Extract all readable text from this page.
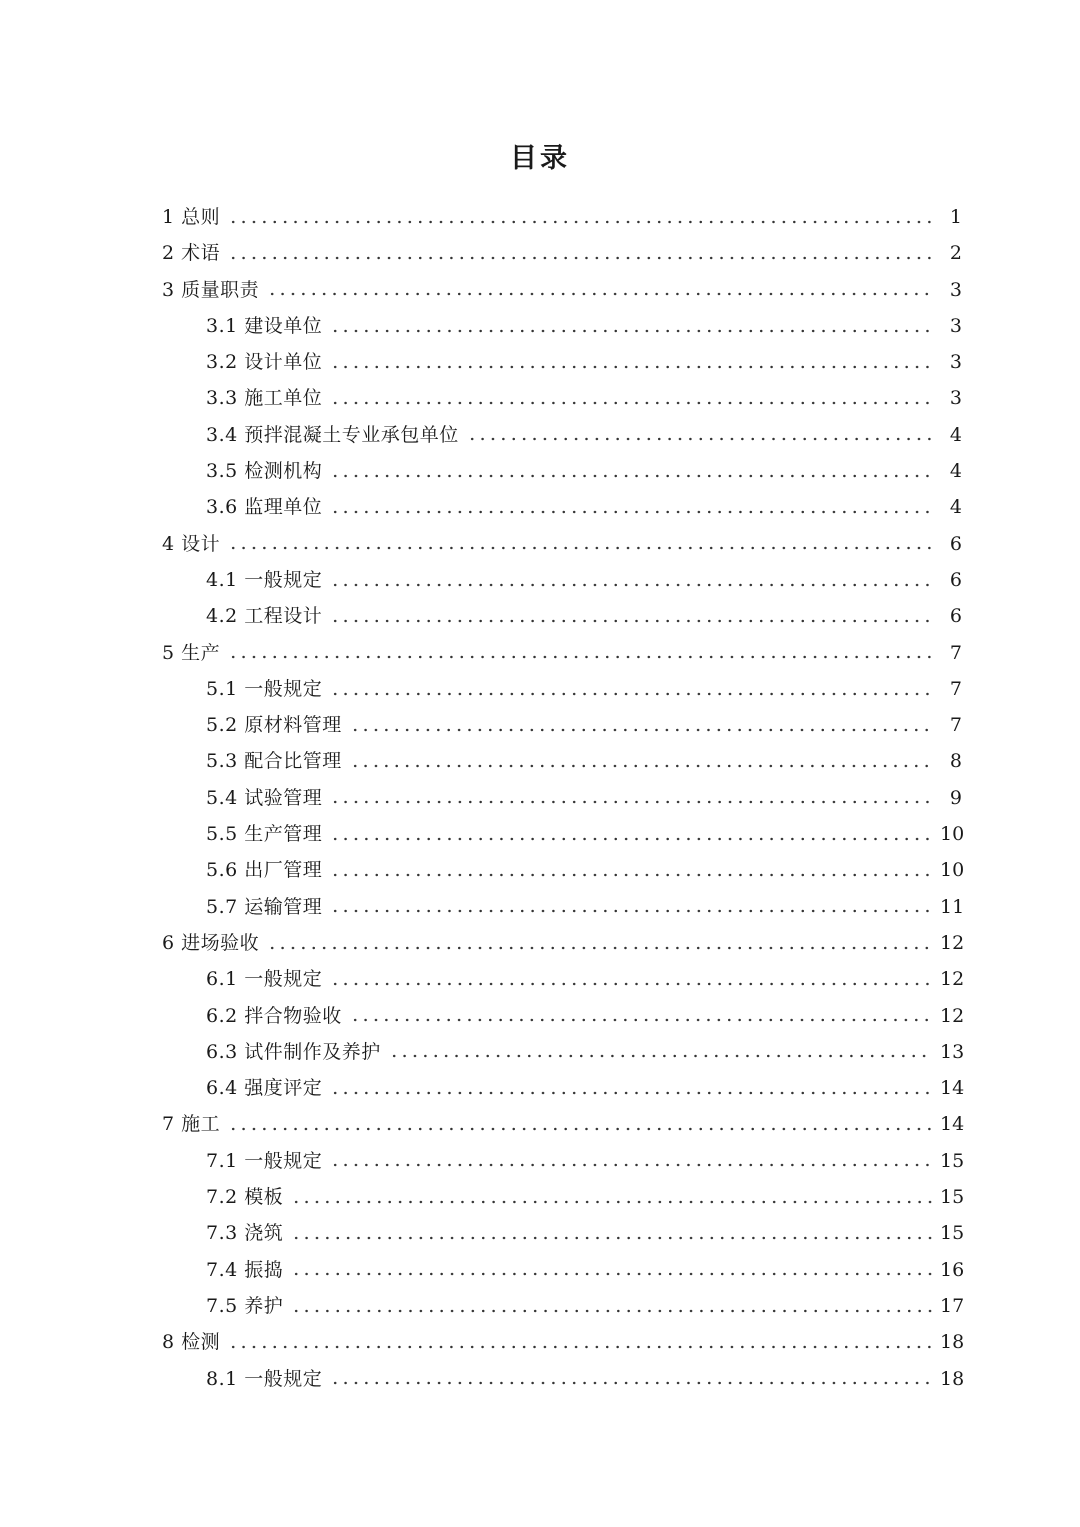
目录
1 总则	1
2 术语	2
3 质量职责	3
3.1 建设单位	3
3.2 设计单位	3
3.3 施工单位	3
3.4 预拌混凝土专业承包单位	4
3.5 检测机构	4
3.6 监理单位	4
4 设计	6
4.1 一般规定	6
4.2 工程设计	6
5 生产	7
5.1 一般规定	7
5.2 原材料管理	7
5.3 配合比管理	8
5.4 试验管理	9
5.5 生产管理	10
5.6 出厂管理	10
5.7 运输管理	11
6 进场验收	12
6.1 一般规定	12
6.2 拌合物验收	12
6.3 试件制作及养护	13
6.4 强度评定	14
7 施工	14
7.1 一般规定	15
7.2 模板	15
7.3 浇筑	15
7.4 振捣	16
7.5 养护	17
8 检测	18
8.1 一般规定	18
